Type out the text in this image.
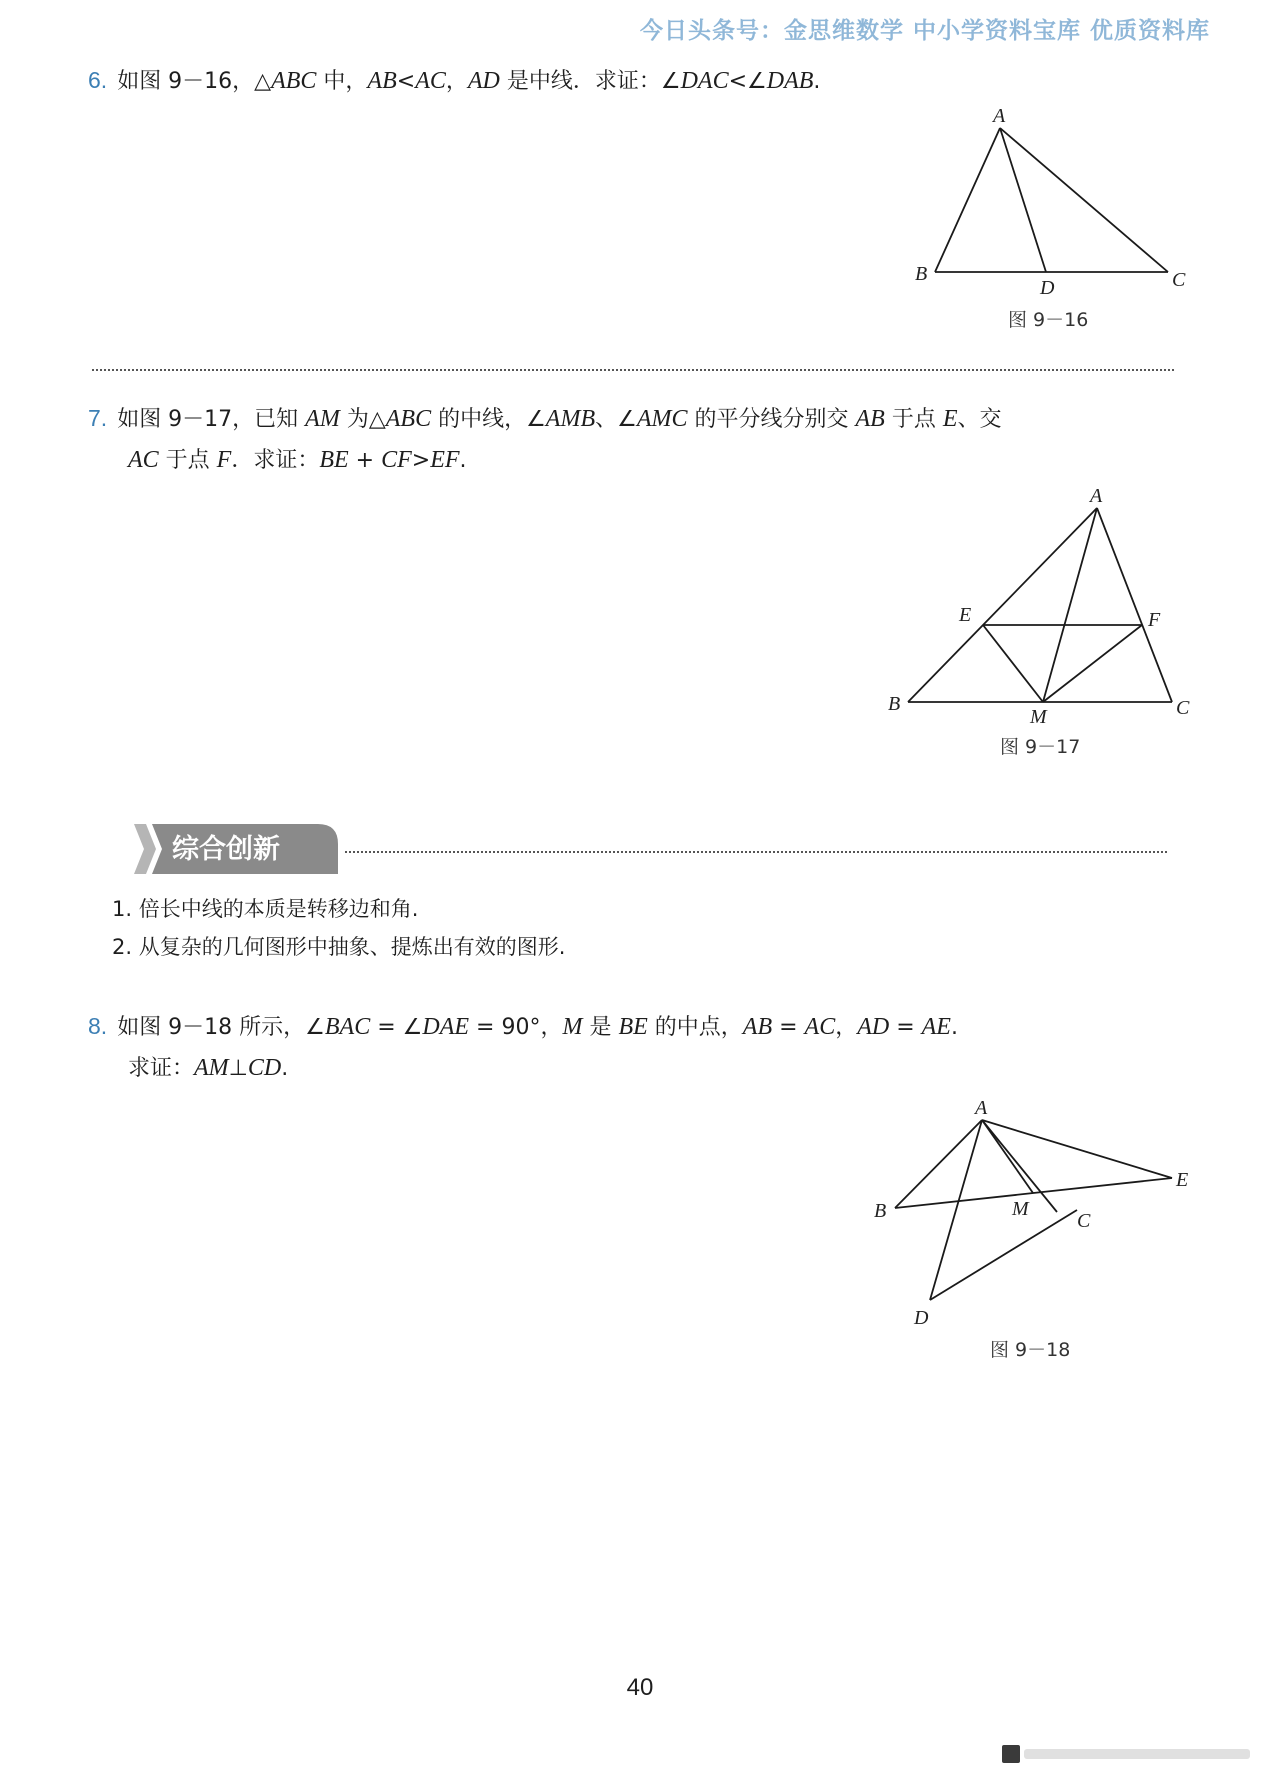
今日头条号：金思维数学 中小学资料宝库 优质资料库
6. 如图 9－16，△ABC 中，AB<AC，AD 是中线．求证：∠DAC<∠DAB.
A
B	C
D
图 9－16
7. 如图 9－17，已知 AM 为△ABC 的中线，∠AMB、∠AMC 的平分线分别交 AB 于点 E、交
AC 于点 F．求证：BE + CF>EF.
A
B	C
E	F
M
图 9－17
综合创新
1. 倍长中线的本质是转移边和角.
2. 从复杂的几何图形中抽象、提炼出有效的图形.
8. 如图 9－18 所示，∠BAC = ∠DAE = 90°，M 是 BE 的中点，AB = AC，AD = AE.
求证：AM⊥CD.
A
B	C
D
E
M
图 9－18
40
